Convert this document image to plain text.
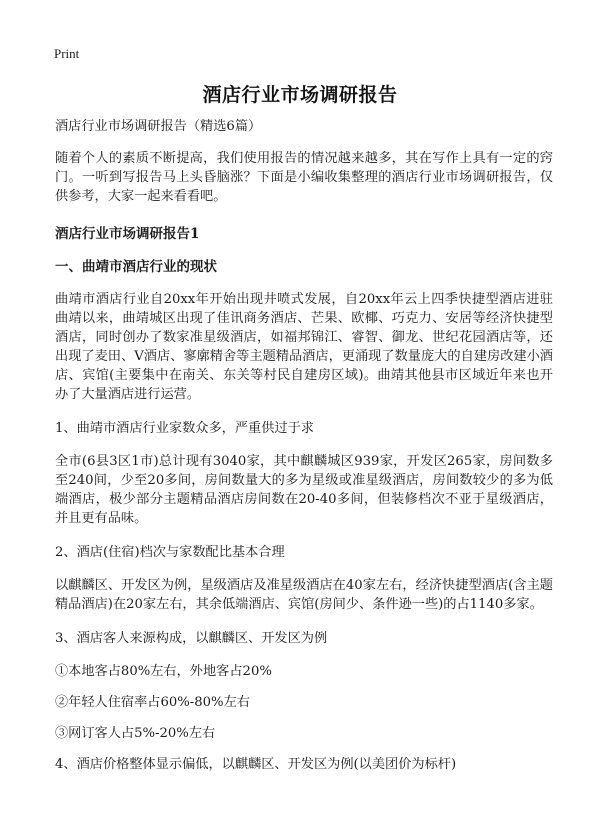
Print
酒店行业市场调研报告

酒店行业市场调研报告（精选6篇）

随着个人的素质不断提高，我们使用报告的情况越来越多，其在写作上具有一定的窍门。一听到写报告马上头昏脑涨？下面是小编收集整理的酒店行业市场调研报告，仅供参考，大家一起来看看吧。

酒店行业市场调研报告1

一、曲靖市酒店行业的现状

曲靖市酒店行业自20xx年开始出现井喷式发展，自20xx年云上四季快捷型酒店进驻曲靖以来，曲靖城区出现了佳讯商务酒店、芒果、欧椰、巧克力、安居等经济快捷型酒店，同时创办了数家准星级酒店，如福邦锦江、睿智、御龙、世纪花园酒店等，还出现了麦田、V酒店、寥廓精舍等主题精品酒店，更涌现了数量庞大的自建房改建小酒店、宾馆(主要集中在南关、东关等村民自建房区域)。曲靖其他县市区域近年来也开办了大量酒店进行运营。

1、曲靖市酒店行业家数众多，严重供过于求

全市(6县3区1市)总计现有3040家，其中麒麟城区939家，开发区265家，房间数多至240间，少至20多间，房间数量大的多为星级或准星级酒店，房间数较少的多为低端酒店，极少部分主题精品酒店房间数在20-40多间，但装修档次不亚于星级酒店，并且更有品味。

2、酒店(住宿)档次与家数配比基本合理

以麒麟区、开发区为例，星级酒店及准星级酒店在40家左右，经济快捷型酒店(含主题精品酒店)在20家左右，其余低端酒店、宾馆(房间少、条件逊一些)的占1140多家。

3、酒店客人来源构成，以麒麟区、开发区为例

①本地客占80%左右，外地客占20%

②年轻人住宿率占60%-80%左右

③网订客人占5%-20%左右

4、酒店价格整体显示偏低，以麒麟区、开发区为例(以美团价为标杆)
